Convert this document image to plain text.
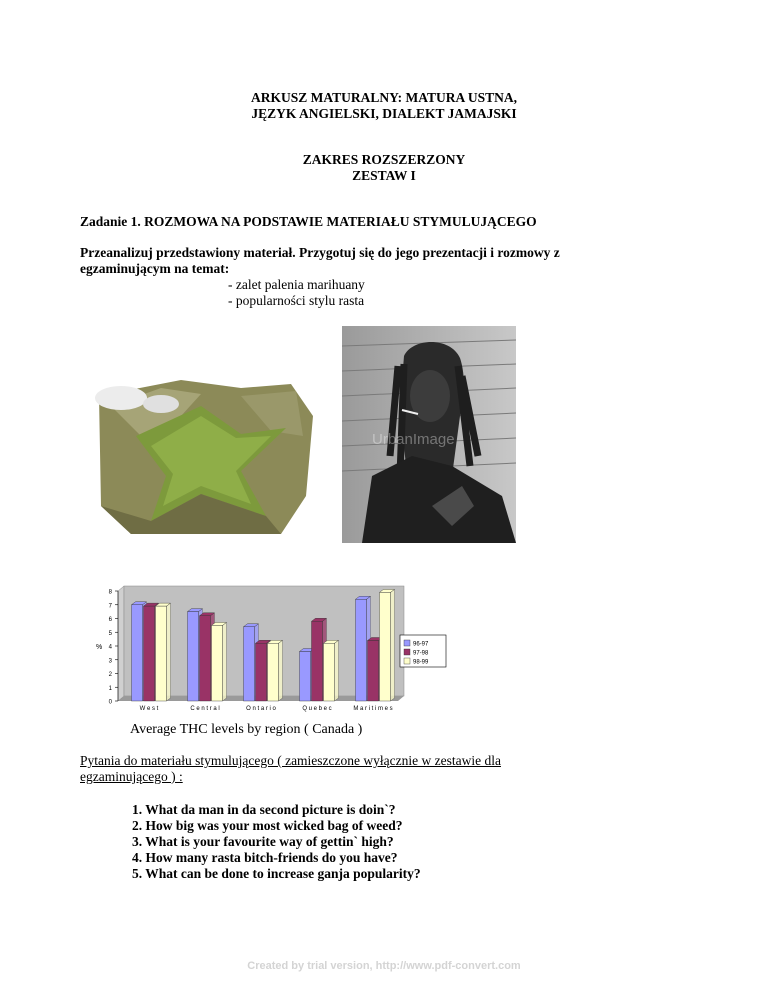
ARKUSZ MATURALNY: MATURA USTNA,
JĘZYK ANGIELSKI, DIALEKT JAMAJSKI
ZAKRES ROZSZERZONY
ZESTAW I
Zadanie 1. ROZMOWA NA PODSTAWIE MATERIAŁU STYMULUJĄCEGO
Przeanalizuj przedstawiony materiał. Przygotuj się do jego prezentacji i rozmowy z
egzaminującym na temat:
- zalet palenia marihuany
- popularności stylu rasta
UrbanImage
0
1
2
3
4
5
6
7
8
%
W e s t	C e n t r a l	O n t a r i o	Q u e b e c	M a r i t i m e s
96-97
97-98
98-99
Average THC levels by region ( Canada )
Pytania do materiału stymulującego ( zamieszczone wyłącznie w zestawie dla
egzaminującego ) :
1. What da man in da second picture is doin`?
2. How big was your most wicked bag of weed?
3. What is your favourite way of gettin` high?
4. How many rasta bitch-friends do you have?
5. What can be done to increase ganja popularity?
Created by trial version, http://www.pdf-convert.com
